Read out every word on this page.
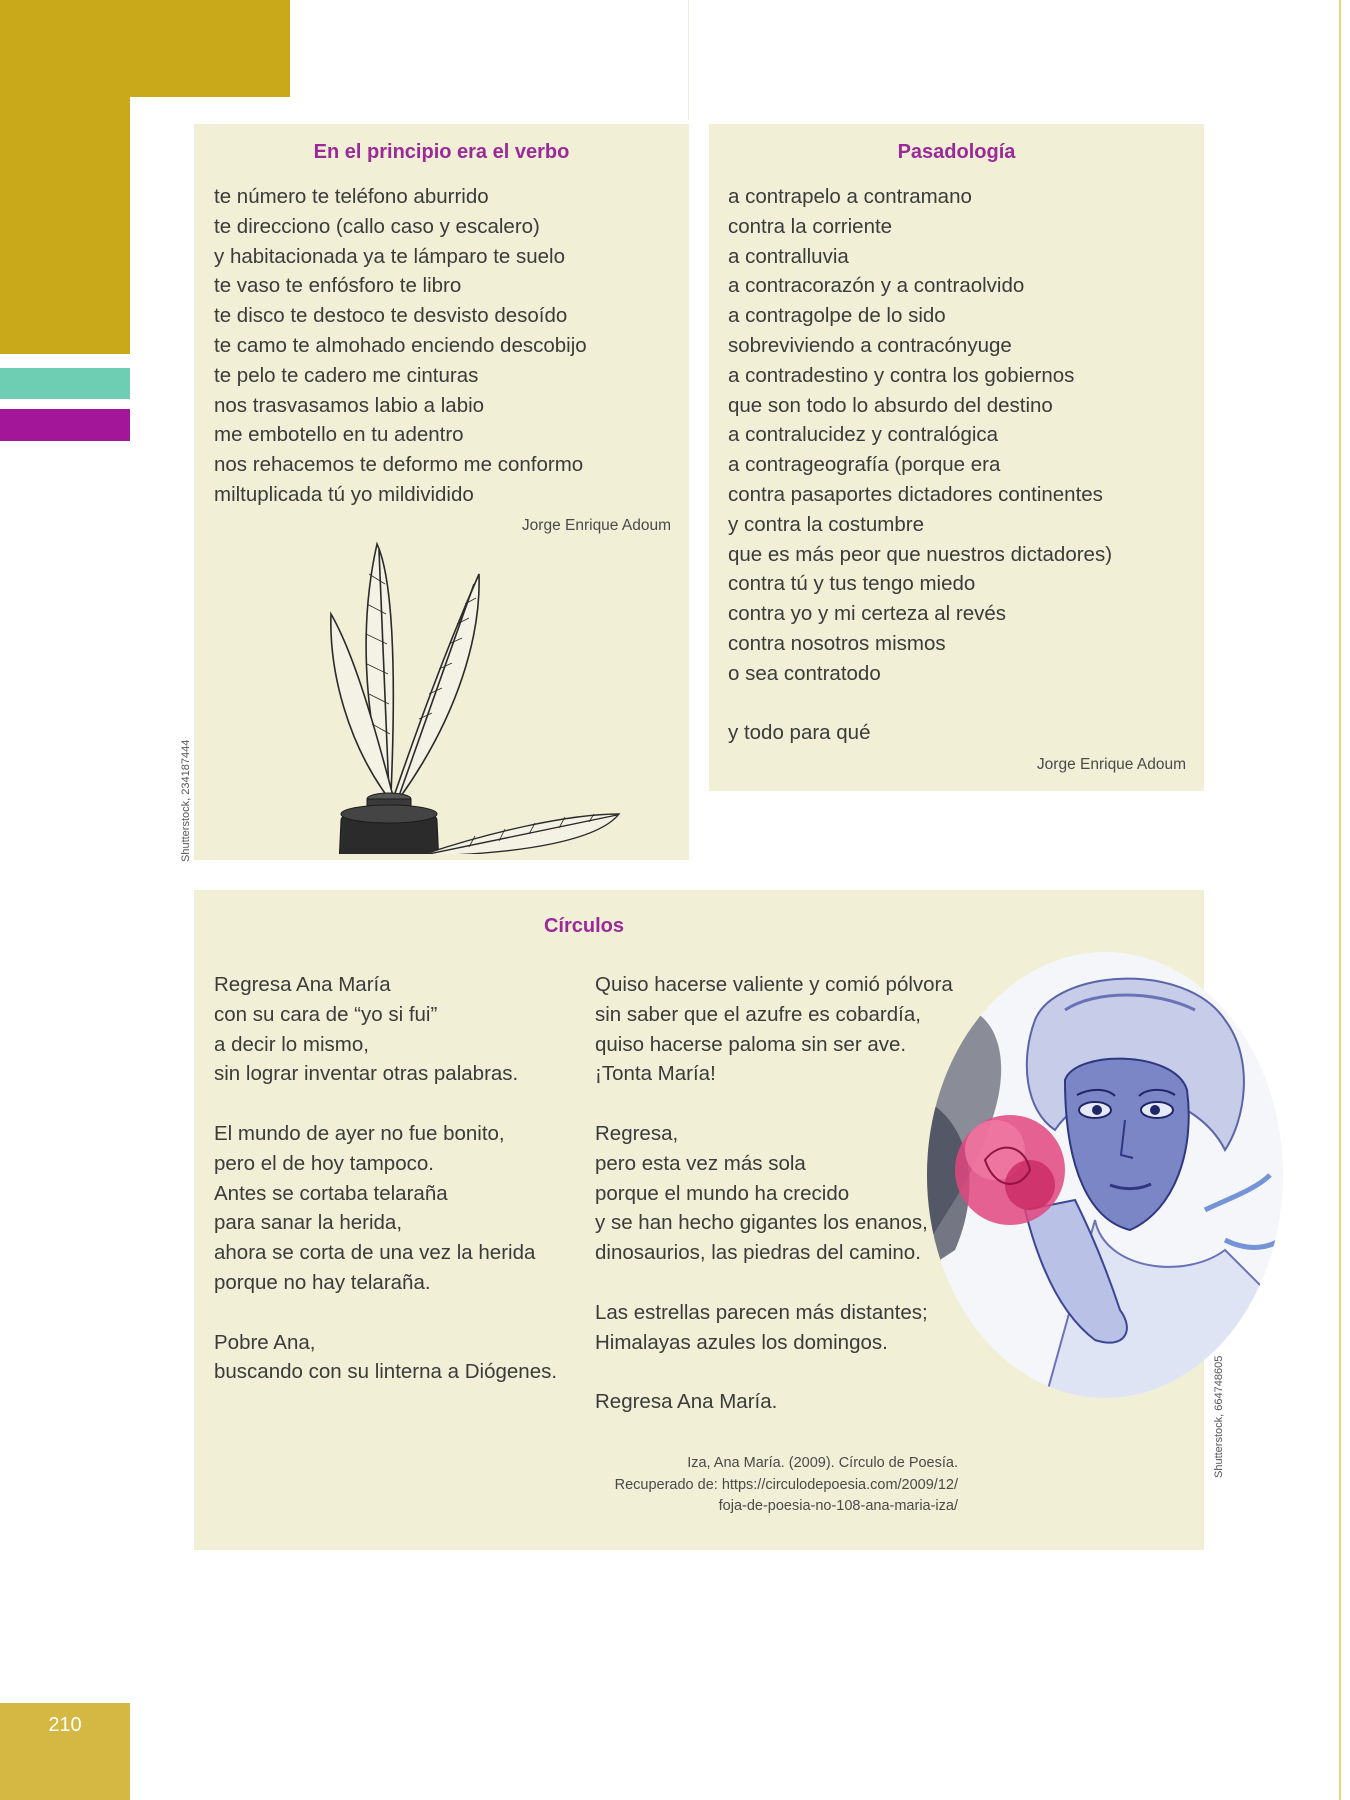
En el principio era el verbo
te número te teléfono aburrido
te direcciono (callo caso y escalero)
y habitacionada ya te lámparo te suelo
te vaso te enfósforo te libro
te disco te destoco te desvisto desoído
te camo te almohado enciendo descobijo
te pelo te cadero me cinturas
nos trasvasamos labio a labio
me embotello en tu adentro
nos rehacemos te deformo me conformo
miltuplicada tú yo mildividido
Jorge Enrique Adoum
Shutterstock, 234187444
Pasadología
a contrapelo a contramano
contra la corriente
a contralluvia
a contracorazón y a contraolvido
a contragolpe de lo sido
sobreviviendo a contracónyuge
a contradestino y contra los gobiernos
que son todo lo absurdo del destino
a contralucidez y contralógica
a contrageografía (porque era
contra pasaportes dictadores continentes
y contra la costumbre
que es más peor que nuestros dictadores)
contra tú y tus tengo miedo
contra yo y mi certeza al revés
contra nosotros mismos
o sea contratodo
y todo para qué
Jorge Enrique Adoum
Círculos
Regresa Ana María
con su cara de “yo si fui”
a decir lo mismo,
sin lograr inventar otras palabras.
El mundo de ayer no fue bonito,
pero el de hoy tampoco.
Antes se cortaba telaraña
para sanar la herida,
ahora se corta de una vez la herida
porque no hay telaraña.
Pobre Ana,
buscando con su linterna a Diógenes.
Quiso hacerse valiente y comió pólvora
sin saber que el azufre es cobardía,
quiso hacerse paloma sin ser ave.
¡Tonta María!
Regresa,
pero esta vez más sola
porque el mundo ha crecido
y se han hecho gigantes los enanos,
dinosaurios, las piedras del camino.
Las estrellas parecen más distantes;
Himalayas azules los domingos.
Regresa Ana María.
Iza, Ana María. (2009). Círculo de Poesía.
Recuperado de: https://circulodepoesia.com/2009/12/
foja-de-poesia-no-108-ana-maria-iza/
Shutterstock, 664748605
210
